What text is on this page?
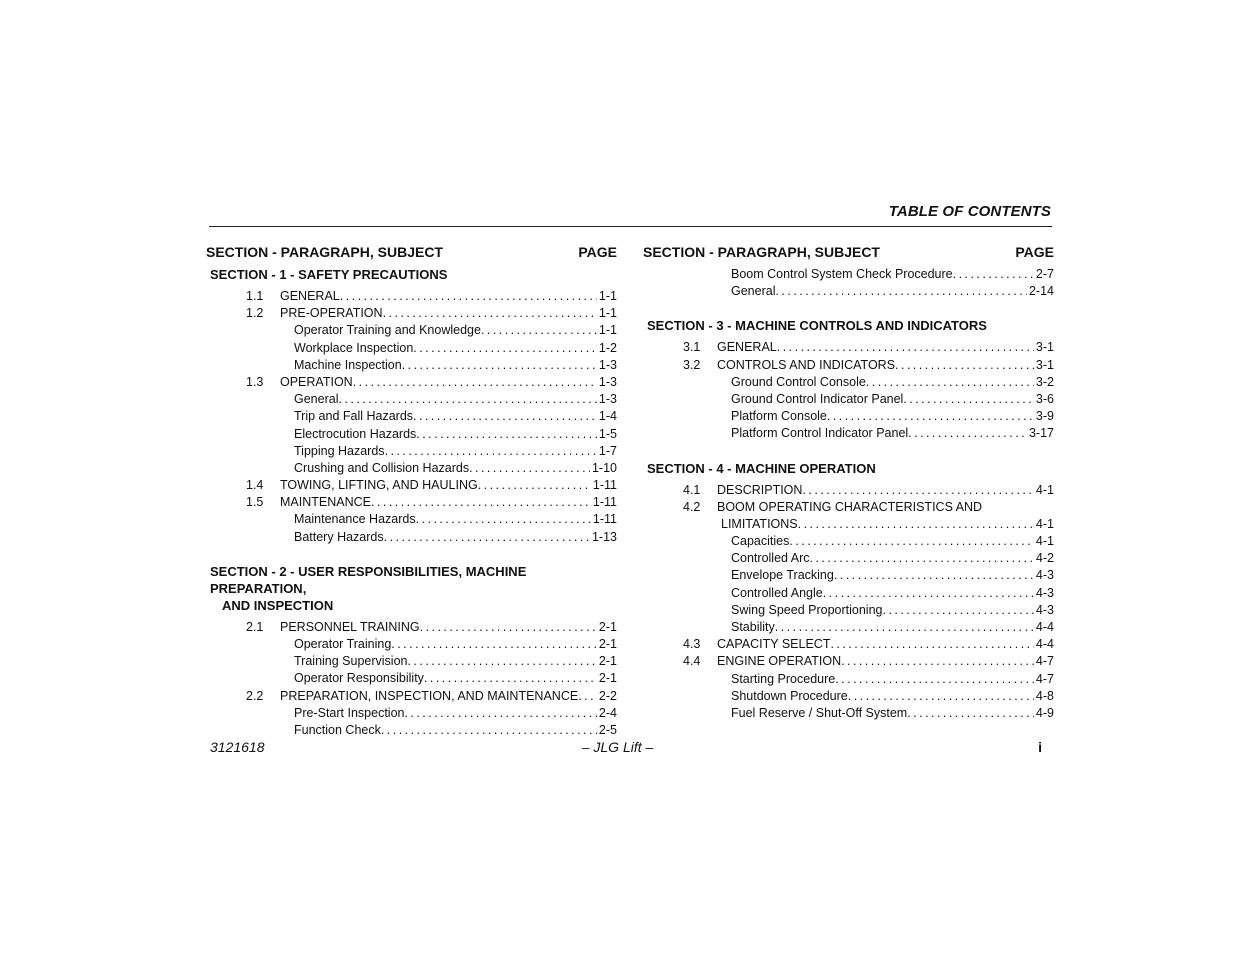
TABLE OF CONTENTS
SECTION - PARAGRAPH, SUBJECT	PAGE
SECTION - 1 - SAFETY PRECAUTIONS
1.1 GENERAL . . .	1-1
1.2 PRE-OPERATION . . .	1-1
Operator Training and Knowledge . . .	1-1
Workplace Inspection . . .	1-2
Machine Inspection . . .	1-3
1.3 OPERATION . . .	1-3
General . . .	1-3
Trip and Fall Hazards . . .	1-4
Electrocution Hazards . . .	1-5
Tipping Hazards . . .	1-7
Crushing and Collision Hazards . . .	1-10
1.4 TOWING, LIFTING, AND HAULING . . .	1-11
1.5 MAINTENANCE . . .	1-11
Maintenance Hazards . . .	1-11
Battery Hazards . . .	1-13
SECTION - 2 - USER RESPONSIBILITIES, MACHINE PREPARATION,
AND INSPECTION
2.1 PERSONNEL TRAINING . . .	2-1
Operator Training . . .	2-1
Training Supervision . . .	2-1
Operator Responsibility . . .	2-1
2.2 PREPARATION, INSPECTION, AND MAINTENANCE . . . 2-2
Pre-Start Inspection . . .	2-4
Function Check . . .	2-5
SECTION - PARAGRAPH, SUBJECT	PAGE
Boom Control System Check Procedure . . .	2-7
General . . .	2-14
SECTION - 3 - MACHINE CONTROLS AND INDICATORS
3.1 GENERAL . . .	3-1
3.2 CONTROLS AND INDICATORS . . .	3-1
Ground Control Console . . .	3-2
Ground Control Indicator Panel . . .	3-6
Platform Console . . .	3-9
Platform Control Indicator Panel . . .	3-17
SECTION - 4 - MACHINE OPERATION
4.1 DESCRIPTION . . .	4-1
4.2 BOOM OPERATING CHARACTERISTICS AND
LIMITATIONS . . .	4-1
Capacities . . .	4-1
Controlled Arc . . .	4-2
Envelope Tracking . . .	4-3
Controlled Angle . . .	4-3
Swing Speed Proportioning . . .	4-3
Stability . . .	4-4
4.3 CAPACITY SELECT . . .	4-4
4.4 ENGINE OPERATION . . .	4-7
Starting Procedure . . .	4-7
Shutdown Procedure . . .	4-8
Fuel Reserve / Shut-Off System . . .	4-9
3121618	– JLG Lift –	i
